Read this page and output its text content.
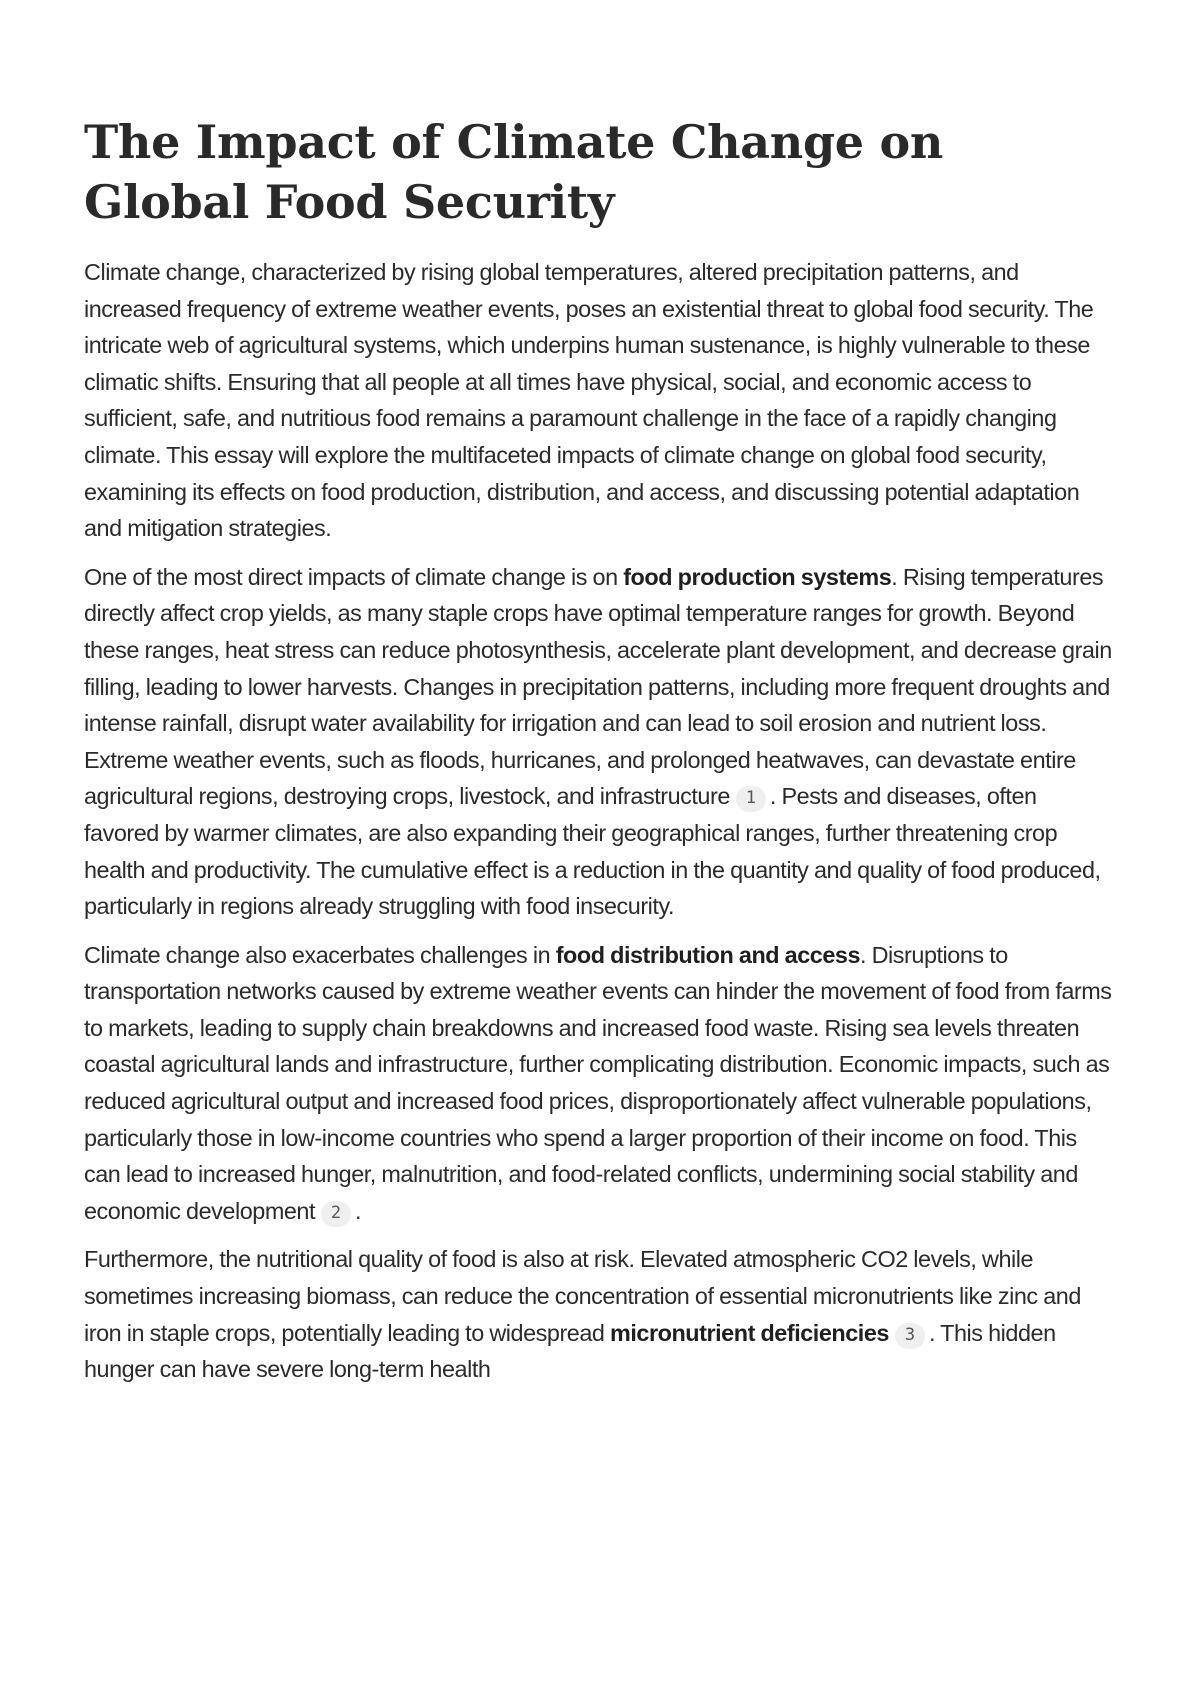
The Impact of Climate Change on Global Food Security

Climate change, characterized by rising global temperatures, altered precipitation patterns, and increased frequency of extreme weather events, poses an existential threat to global food security. The intricate web of agricultural systems, which underpins human sustenance, is highly vulnerable to these climatic shifts. Ensuring that all people at all times have physical, social, and economic access to sufficient, safe, and nutritious food remains a paramount challenge in the face of a rapidly changing climate. This essay will explore the multifaceted impacts of climate change on global food security, examining its effects on food production, distribution, and access, and discussing potential adaptation and mitigation strategies.

One of the most direct impacts of climate change is on food production systems. Rising temperatures directly affect crop yields, as many staple crops have optimal temperature ranges for growth. Beyond these ranges, heat stress can reduce photosynthesis, accelerate plant development, and decrease grain filling, leading to lower harvests. Changes in precipitation patterns, including more frequent droughts and intense rainfall, disrupt water availability for irrigation and can lead to soil erosion and nutrient loss. Extreme weather events, such as floods, hurricanes, and prolonged heatwaves, can devastate entire agricultural regions, destroying crops, livestock, and infrastructure 1 . Pests and diseases, often favored by warmer climates, are also expanding their geographical ranges, further threatening crop health and productivity. The cumulative effect is a reduction in the quantity and quality of food produced, particularly in regions already struggling with food insecurity.

Climate change also exacerbates challenges in food distribution and access. Disruptions to transportation networks caused by extreme weather events can hinder the movement of food from farms to markets, leading to supply chain breakdowns and increased food waste. Rising sea levels threaten coastal agricultural lands and infrastructure, further complicating distribution. Economic impacts, such as reduced agricultural output and increased food prices, disproportionately affect vulnerable populations, particularly those in low-income countries who spend a larger proportion of their income on food. This can lead to increased hunger, malnutrition, and food-related conflicts, undermining social stability and economic development 2 .

Furthermore, the nutritional quality of food is also at risk. Elevated atmospheric CO2 levels, while sometimes increasing biomass, can reduce the concentration of essential micronutrients like zinc and iron in staple crops, potentially leading to widespread micronutrient deficiencies 3 . This hidden hunger can have severe long-term health
